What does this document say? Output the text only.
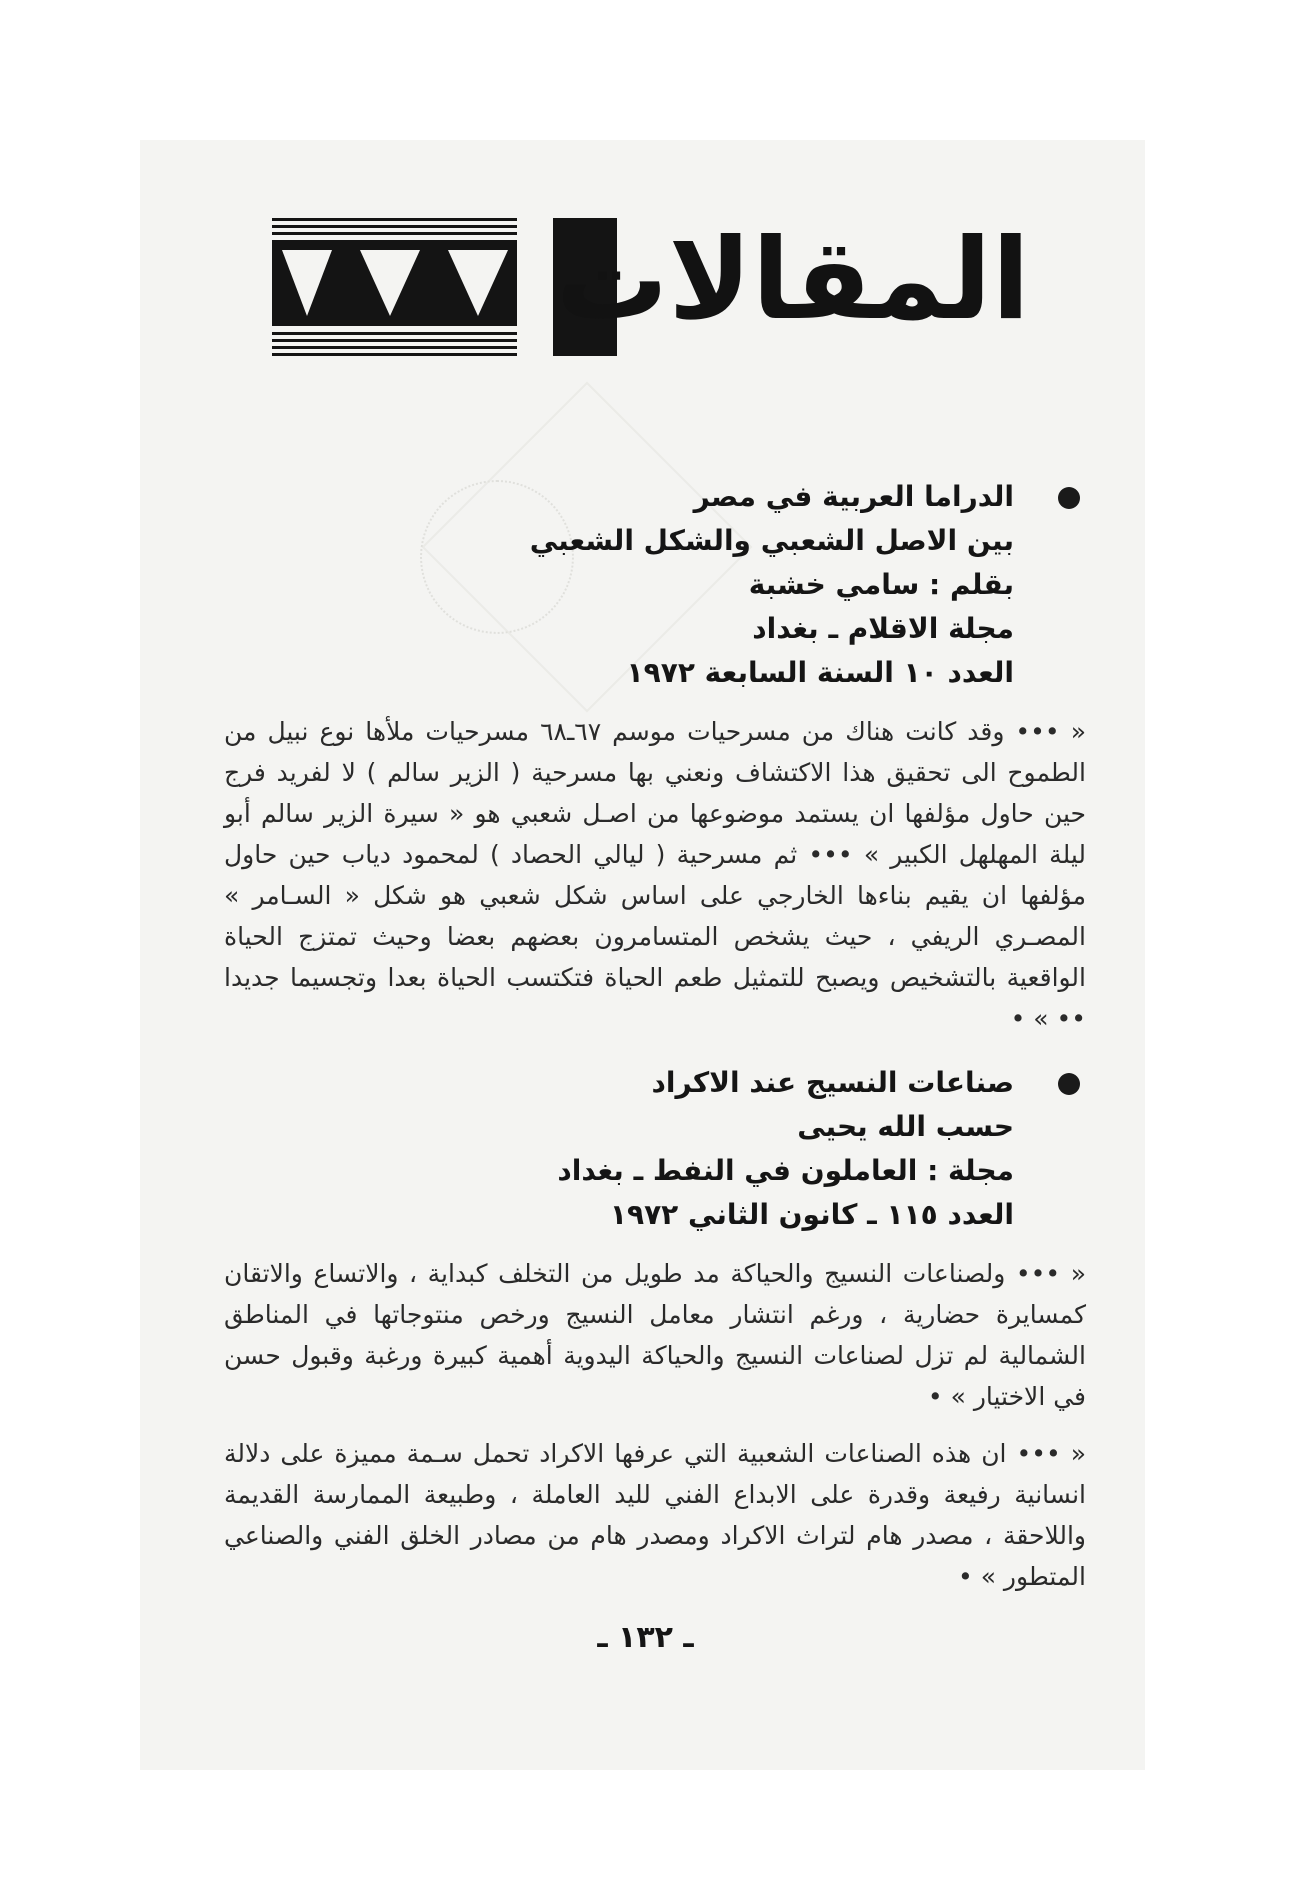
المقالات
الدراما العربية في مصر
بين الاصل الشعبي والشكل الشعبي
بقلم : سامي خشبة
مجلة الاقلام ـ بغداد
العدد ١٠ السنة السابعة ١٩٧٢

« ••• وقد كانت هناك من مسرحيات موسم ٦٧ـ٦٨ مسرحيات ملأها نوع نبيل من الطموح الى تحقيق هذا الاكتشاف ونعني بها مسرحية ( الزير سالم ) لا لفريد فرج حين حاول مؤلفها ان يستمد موضوعها من اصـل شعبي هو « سيرة الزير سالم أبو ليلة المهلهل الكبير » ••• ثم مسرحية ( ليالي الحصاد ) لمحمود دياب حين حاول مؤلفها ان يقيم بناءها الخارجي على اساس شكل شعبي هو شكل « السـامر » المصـري الريفي ، حيث يشخص المتسامرون بعضهم بعضا وحيث تمتزج الحياة الواقعية بالتشخيص ويصبح للتمثيل طعم الحياة فتكتسب الحياة بعدا وتجسيما جديدا •• » •

صناعات النسيج عند الاكراد
حسب الله يحيى
مجلة : العاملون في النفط ـ بغداد
العدد ١١٥ ـ كانون الثاني ١٩٧٢

« ••• ولصناعات النسيج والحياكة مد طويل من التخلف كبداية ، والاتساع والاتقان كمسايرة حضارية ، ورغم انتشار معامل النسيج ورخص منتوجاتها في المناطق الشمالية لم تزل لصناعات النسيج والحياكة اليدوية أهمية كبيرة ورغبة وقبول حسن في الاختيار » •

« ••• ان هذه الصناعات الشعبية التي عرفها الاكراد تحمل سـمة مميزة على دلالة انسانية رفيعة وقدرة على الابداع الفني لليد العاملة ، وطبيعة الممارسة القديمة واللاحقة ، مصدر هام لتراث الاكراد ومصدر هام من مصادر الخلق الفني والصناعي المتطور » •

ـ ١٣٢ ـ
